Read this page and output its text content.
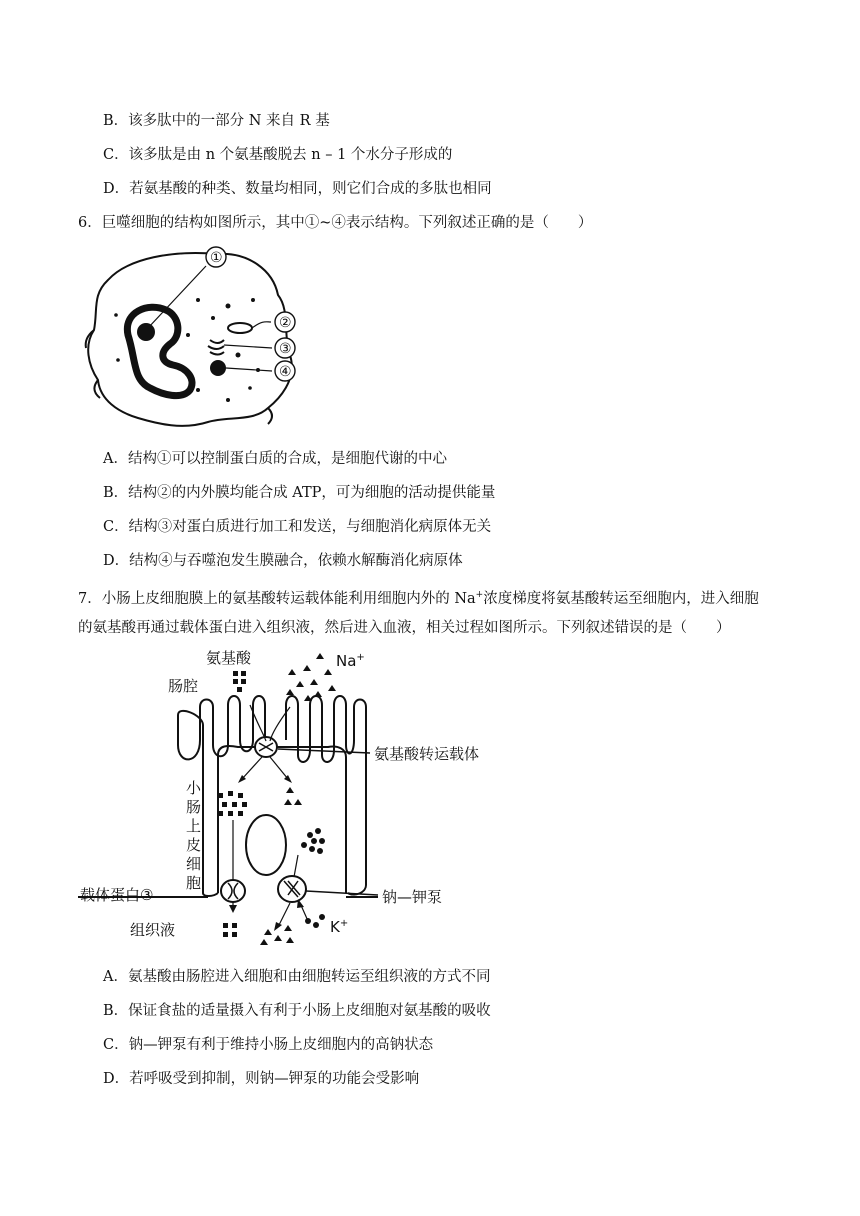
B．该多肽中的一部分 N 来自 R 基
C．该多肽是由 n 个氨基酸脱去 n – 1 个水分子形成的
D．若氨基酸的种类、数量均相同，则它们合成的多肽也相同
6．巨噬细胞的结构如图所示，其中①~④表示结构。下列叙述正确的是（　　）
①
②
③
④
A．结构①可以控制蛋白质的合成，是细胞代谢的中心
B．结构②的内外膜均能合成 ATP，可为细胞的活动提供能量
C．结构③对蛋白质进行加工和发送，与细胞消化病原体无关
D．结构④与吞噬泡发生膜融合，依赖水解酶消化病原体
7．小肠上皮细胞膜上的氨基酸转运载体能利用细胞内外的 Na+浓度梯度将氨基酸转运至细胞内，进入细胞
的氨基酸再通过载体蛋白进入组织液，然后进入血液，相关过程如图所示。下列叙述错误的是（　　）
氨基酸	Na+
肠腔
氨基酸转运载体
钠—钾泵
载体蛋白③
小
肠
上
皮
细
胞
组织液	K+
A．氨基酸由肠腔进入细胞和由细胞转运至组织液的方式不同
B．保证食盐的适量摄入有利于小肠上皮细胞对氨基酸的吸收
C．钠—钾泵有利于维持小肠上皮细胞内的高钠状态
D．若呼吸受到抑制，则钠—钾泵的功能会受影响
